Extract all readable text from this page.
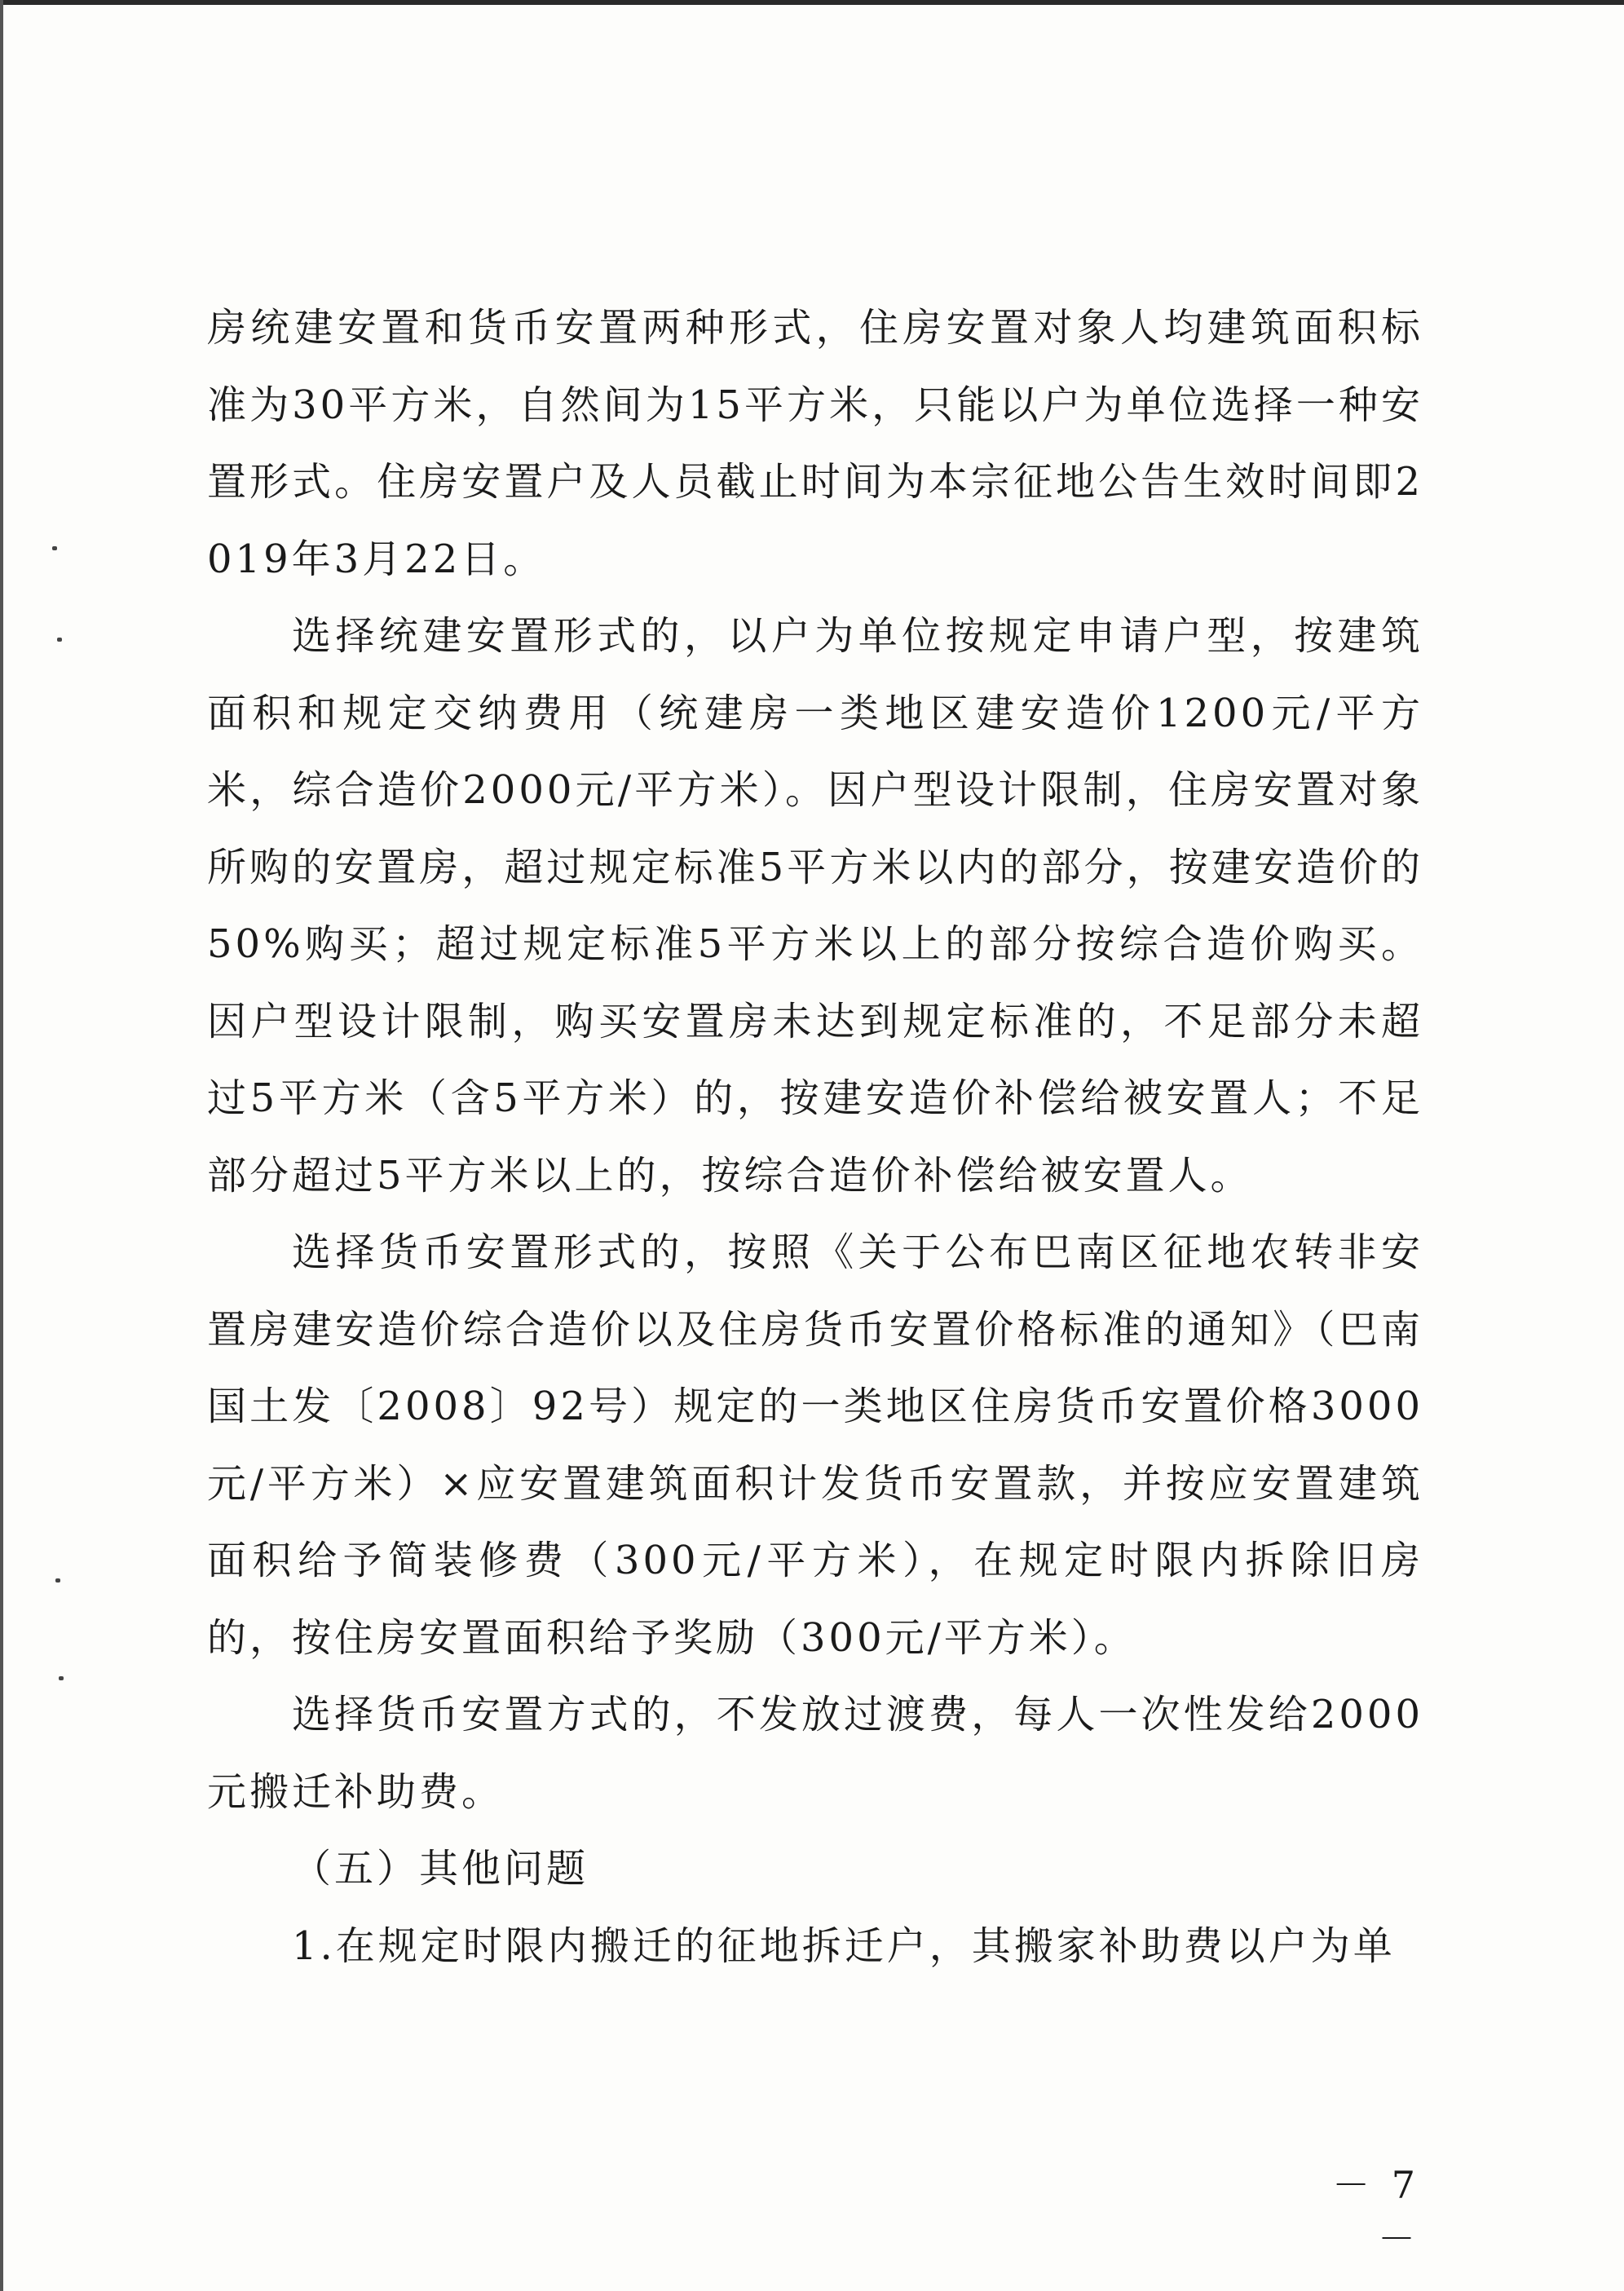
房统建安置和货币安置两种形式，住房安置对象人均建筑面积标准为30平方米，自然间为15平方米，只能以户为单位选择一种安置形式。住房安置户及人员截止时间为本宗征地公告生效时间即2019年3月22日。

选择统建安置形式的，以户为单位按规定申请户型，按建筑面积和规定交纳费用（统建房一类地区建安造价1200元/平方米，综合造价2000元/平方米）。因户型设计限制，住房安置对象所购的安置房，超过规定标准5平方米以内的部分，按建安造价的50%购买；超过规定标准5平方米以上的部分按综合造价购买。因户型设计限制，购买安置房未达到规定标准的，不足部分未超过5平方米（含5平方米）的，按建安造价补偿给被安置人；不足部分超过5平方米以上的，按综合造价补偿给被安置人。

选择货币安置形式的，按照《关于公布巴南区征地农转非安置房建安造价综合造价以及住房货币安置价格标准的通知》（巴南国土发〔2008〕92号）规定的一类地区住房货币安置价格3000元/平方米）×应安置建筑面积计发货币安置款，并按应安置建筑面积给予简装修费（300元/平方米），在规定时限内拆除旧房的，按住房安置面积给予奖励（300元/平方米）。

选择货币安置方式的，不发放过渡费，每人一次性发给2000元搬迁补助费。

（五）其他问题

1.在规定时限内搬迁的征地拆迁户，其搬家补助费以户为单

－ 7 －
